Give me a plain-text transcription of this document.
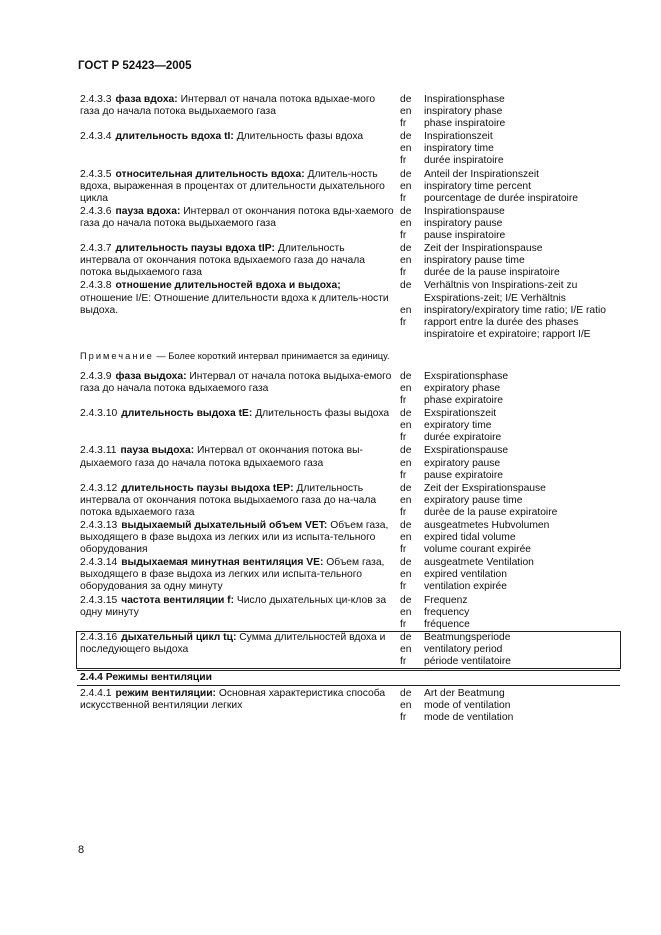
ГОСТ Р 52423—2005
2.4.3.3 фаза вдоха: Интервал от начала потока вдыхае-мого газа до начала потока выдыхаемого газа
de	Inspirationsphase
en	inspiratory phase
fr	phase inspiratoire
2.4.3.4 длительность вдоха tI: Длительность фазы вдоха	de	Inspirationszeit
en	inspiratory time
fr	durée inspiratoire
2.4.3.5 относительная длительность вдоха: Длитель-ность вдоха, выраженная в процентах от длительности дыхательного цикла
de	Anteil der Inspirationszeit
en	inspiratory time percent
fr	pourcentage de durée inspiratoire
2.4.3.6 пауза вдоха: Интервал от окончания потока вды-хаемого газа до начала потока выдыхаемого газа
de	Inspirationspause
en	inspiratory pause
fr	pause inspiratoire
2.4.3.7 длительность паузы вдоха tIP: Длительность интервала от окончания потока вдыхаемого газа до начала потока выдыхаемого газа
de	Zeit der Inspirationspause
en	inspiratory pause time
fr	durée de la pause inspiratoire
2.4.3.8 отношение длительностей вдоха и выдоха; отношение I/E: Отношение длительности вдоха к длитель-ности выдоха.
de	Verhältnis von Inspirations-zeit zu Exspirations-zeit; I/E Verhältnis
en	inspiratory/expiratory time ratio; I/E ratio
fr	rapport entre la durée des phases inspiratoire et expiratoire; rapport I/E
Примечание — Более короткий интервал принимается за единицу.
2.4.3.9 фаза выдоха: Интервал от начала потока выдыха-емого газа до начала потока вдыхаемого газа
de	Exspirationsphase
en	expiratory phase
fr	phase expiratoire
2.4.3.10 длительность выдоха tE: Длительность фазы выдоха	de	Exspirationszeit
en	expiratory time
fr	durée expiratoire
2.4.3.11 пауза выдоха: Интервал от окончания потока вы-дыхаемого газа до начала потока вдыхаемого газа
de	Exspirationspause
en	expiratory pause
fr	pause expiratoire
2.4.3.12 длительность паузы выдоха tEP: Длительность интервала от окончания потока выдыхаемого газа до на-чала потока вдыхаемого газа
de	Zeit der Exspirationspause
en	expiratory pause time
fr	durèe de la pause expiratoire
2.4.3.13 выдыхаемый дыхательный объем VET: Объем газа, выходящего в фазе выдоха из легких или из испыта-тельного оборудования
de	ausgeatmetes Hubvolumen
en	expired tidal volume
fr	volume courant expirée
2.4.3.14 выдыхаемая минутная вентиляция VE: Объем газа, выходящего в фазе выдоха из легких или испыта-тельного оборудования за одну минуту
de	ausgeatmete Ventilation
en	expired ventilation
fr	ventilation expirée
2.4.3.15 частота вентиляции f: Число дыхательных ци-клов за одну минуту
de	Frequenz
en	frequency
fr	fréquence
2.4.3.16 дыхательный цикл tц: Сумма длительностей вдоха и последующего выдоха
de	Beatmungsperiode
en	ventilatory period
fr	période ventilatoire
2.4.4 Режимы вентиляции
2.4.4.1 режим вентиляции: Основная характеристика способа искусственной вентиляции легких
de	Art der Beatmung
en	mode of ventilation
fr	mode de ventilation
8
